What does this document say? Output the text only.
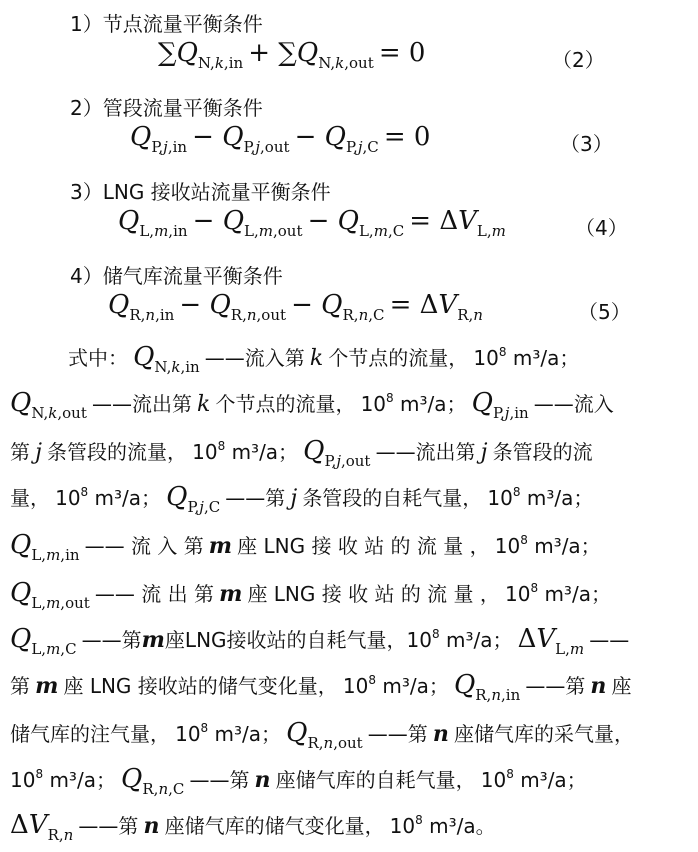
1）节点流量平衡条件
∑QN,k,in + ∑QN,k,out = 0	（2）
2）管段流量平衡条件
QP,j,in − QP,j,out − QP,j,C = 0	（3）
3）LNG 接收站流量平衡条件
QL,m,in − QL,m,out − QL,m,C = ΔVL,m	（4）
4）储气库流量平衡条件
QR,n,in − QR,n,out − QR,n,C = ΔVR,n	（5）
式中： QN,k,in ——流入第 k 个节点的流量， $10^8$ m³/a；
QN,k,out ——流出第 k 个节点的流量， $10^8$ m³/a； QP,j,in ——流入
第 j 条管段的流量， $10^8$ m³/a； QP,j,out ——流出第 j 条管段的流
量， $10^8$ m³/a； QP,j,C ——第 j 条管段的自耗气量， $10^8$ m³/a；
QL,m,in —— 流 入 第 m 座 LNG 接 收 站 的 流 量 ， $10^8$ m³/a；
QL,m,out —— 流 出 第 m 座 LNG 接 收 站 的 流 量 ， $10^8$ m³/a；
QL,m,C ——第m座LNG接收站的自耗气量，$10^8$ m³/a； ΔVL,m ——
第 m 座 LNG 接收站的储气变化量， $10^8$ m³/a； QR,n,in ——第 n 座
储气库的注气量， $10^8$ m³/a； QR,n,out ——第 n 座储气库的采气量，
$10^8$ m³/a； QR,n,C ——第 n 座储气库的自耗气量， $10^8$ m³/a；
ΔVR,n ——第 n 座储气库的储气变化量， $10^8$ m³/a。
